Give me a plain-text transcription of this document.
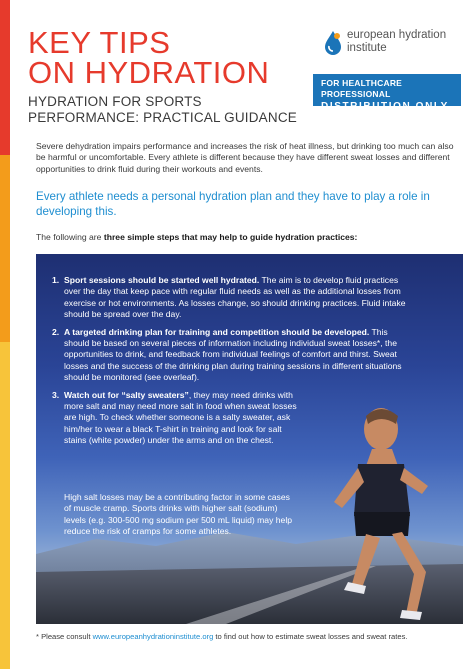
KEY TIPS
ON HYDRATION
HYDRATION FOR SPORTS
PERFORMANCE: PRACTICAL GUIDANCE
european hydration
institute
FOR HEALTHCARE PROFESSIONAL
DISTRIBUTION ONLY

Severe dehydration impairs performance and increases the risk of heat illness, but drinking too much can also be harmful or uncomfortable. Every athlete is different because they have different sweat losses and different opportunities to drink fluid during their workouts and events.

Every athlete needs a personal hydration plan and they have to play a role in developing this.

The following are three simple steps that may help to guide hydration practices:

1. Sport sessions should be started well hydrated. The aim is to develop fluid practices over the day that keep pace with regular fluid needs as well as the additional losses from exercise or hot environments. As losses change, so should drinking practices. Fluid intake should be spread over the day.
2. A targeted drinking plan for training and competition should be developed. This should be based on several pieces of information including individual sweat losses*, the opportunities to drink, and feedback from individual feelings of comfort and thirst. Sweat losses and the success of the drinking plan during training sessions in different situations should be monitored (see overleaf).
3. Watch out for “salty sweaters”, they may need drinks with more salt and may need more salt in food when sweat losses are high. To check whether someone is a salty sweater, ask him/her to wear a black T-shirt in training and look for salt stains (white powder) under the arms and on the chest.

High salt losses may be a contributing factor in some cases of muscle cramp. Sports drinks with higher salt (sodium) levels (e.g. 300-500 mg sodium per 500 mL liquid) may help reduce the risk of cramps for some athletes.

* Please consult www.europeanhydrationinstitute.org to find out how to estimate sweat losses and sweat rates.
